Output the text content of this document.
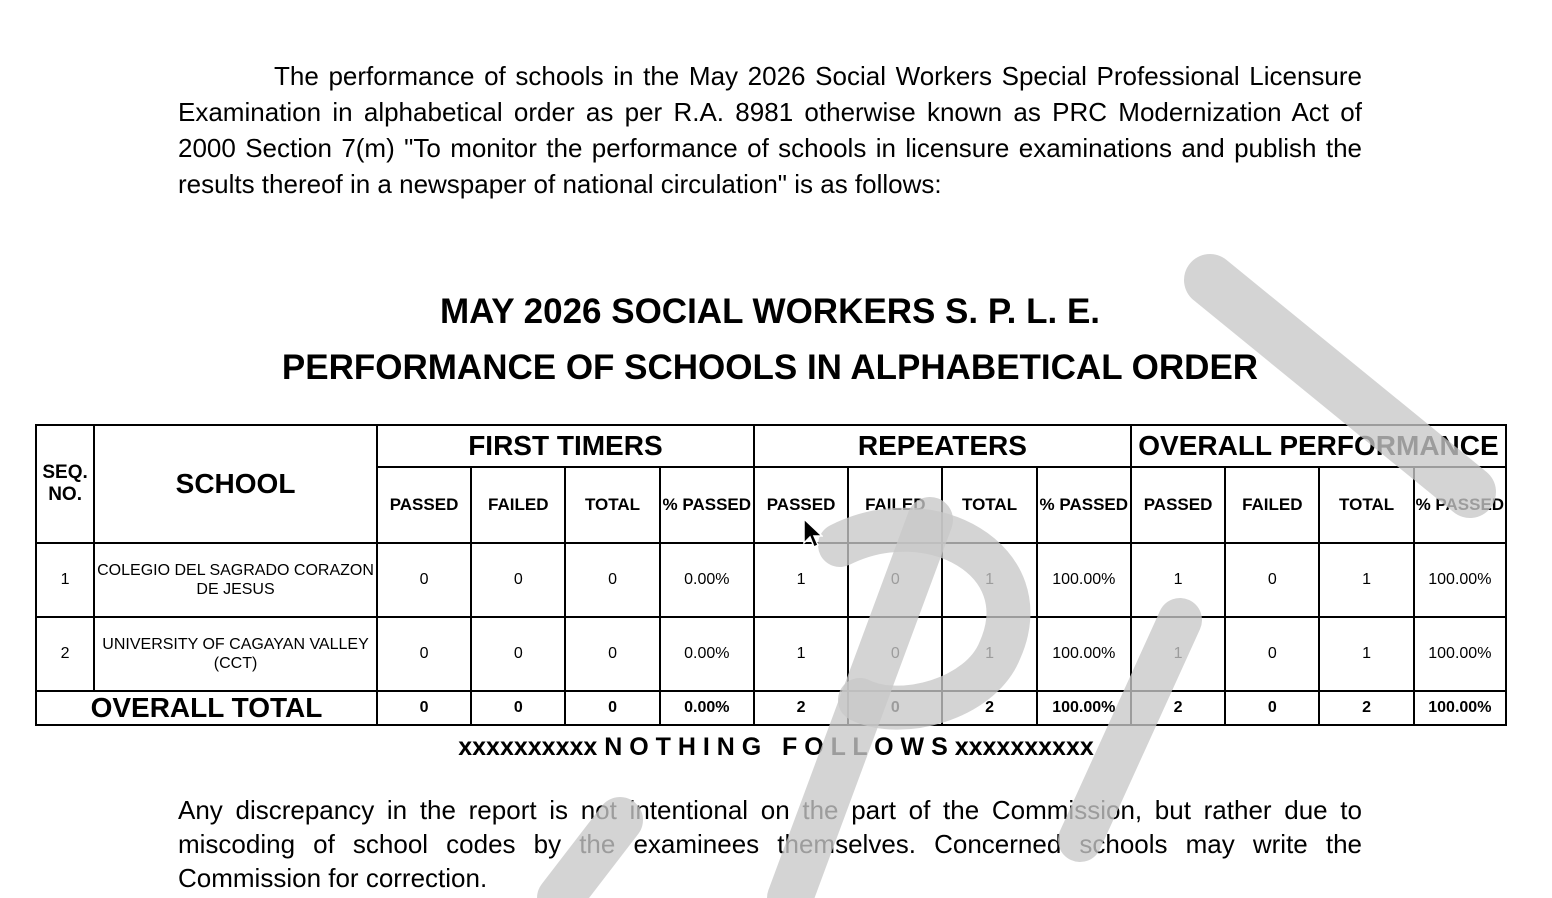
The performance of schools in the May 2026 Social Workers Special Professional Licensure Examination in alphabetical order as per R.A. 8981 otherwise known as PRC Modernization Act of 2000 Section 7(m) "To monitor the performance of schools in licensure examinations and publish the results thereof in a newspaper of national circulation" is as follows:

MAY 2026 SOCIAL WORKERS S. P. L. E.
PERFORMANCE OF SCHOOLS IN ALPHABETICAL ORDER
SEQ. NO.	SCHOOL	FIRST TIMERS				REPEATERS				OVERALL PERFORMANCE			
		PASSED	FAILED	TOTAL	% PASSED	PASSED	FAILED	TOTAL	% PASSED	PASSED	FAILED	TOTAL	% PASSED
1	COLEGIO DEL SAGRADO CORAZON DE JESUS	0	0	0	0.00%	1	0	1	100.00%	1	0	1	100.00%
2	UNIVERSITY OF CAGAYAN VALLEY (CCT)	0	0	0	0.00%	1	0	1	100.00%	1	0	1	100.00%
OVERALL TOTAL		0	0	0	0.00%	2	0	2	100.00%	2	0	2	100.00%

xxxxxxxxxx N O T H I N G   F O L L O W S xxxxxxxxxx

Any discrepancy in the report is not intentional on the part of the Commission, but rather due to miscoding of school codes by the examinees themselves. Concerned schools may write the Commission for correction.
